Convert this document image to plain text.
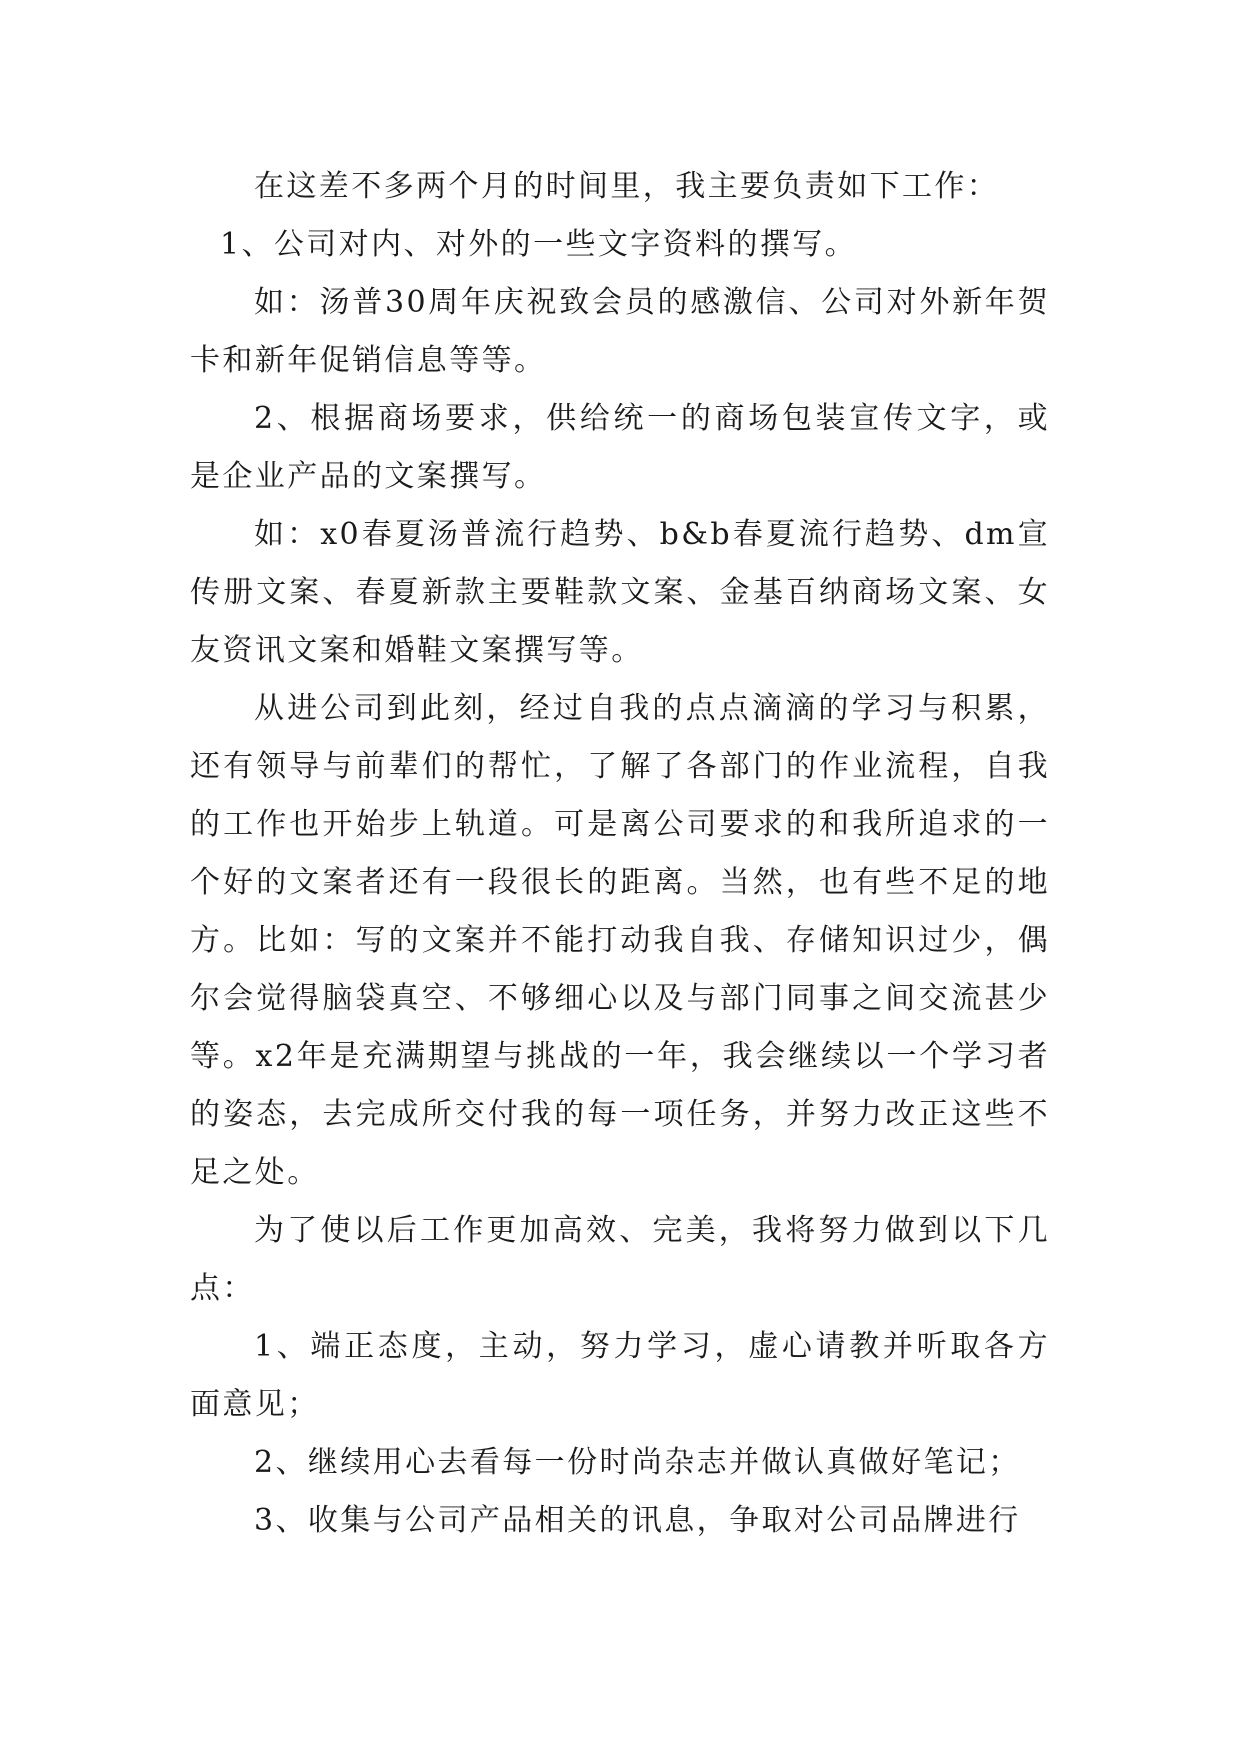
在这差不多两个月的时间里，我主要负责如下工作：

1、公司对内、对外的一些文字资料的撰写。

如：汤普30周年庆祝致会员的感激信、公司对外新年贺卡和新年促销信息等等。

2、根据商场要求，供给统一的商场包装宣传文字，或是企业产品的文案撰写。

如：x0春夏汤普流行趋势、b&b春夏流行趋势、dm宣传册文案、春夏新款主要鞋款文案、金基百纳商场文案、女友资讯文案和婚鞋文案撰写等。

从进公司到此刻，经过自我的点点滴滴的学习与积累，还有领导与前辈们的帮忙，了解了各部门的作业流程，自我的工作也开始步上轨道。可是离公司要求的和我所追求的一个好的文案者还有一段很长的距离。当然，也有些不足的地方。比如：写的文案并不能打动我自我、存储知识过少，偶尔会觉得脑袋真空、不够细心以及与部门同事之间交流甚少等。x2年是充满期望与挑战的一年，我会继续以一个学习者的姿态，去完成所交付我的每一项任务，并努力改正这些不足之处。

为了使以后工作更加高效、完美，我将努力做到以下几点：

1、端正态度，主动，努力学习，虚心请教并听取各方面意见；

2、继续用心去看每一份时尚杂志并做认真做好笔记；

3、收集与公司产品相关的讯息，争取对公司品牌进行
